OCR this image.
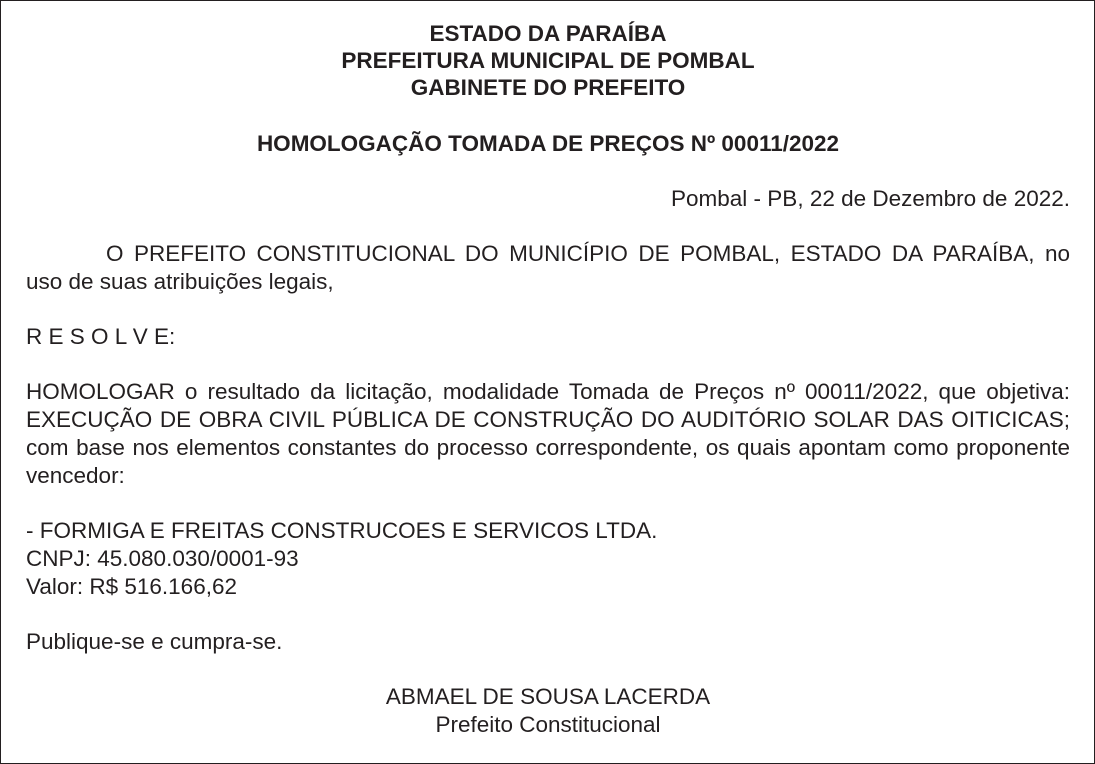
ESTADO DA PARAÍBA
PREFEITURA MUNICIPAL DE POMBAL
GABINETE DO PREFEITO
HOMOLOGAÇÃO TOMADA DE PREÇOS Nº 00011/2022
Pombal - PB, 22 de Dezembro de 2022.

O PREFEITO CONSTITUCIONAL DO MUNICÍPIO DE POMBAL, ESTADO DA PARAÍBA, no uso de suas atribuições legais,

R E S O L V E:

HOMOLOGAR o resultado da licitação, modalidade Tomada de Preços nº 00011/2022, que objetiva: EXECUÇÃO DE OBRA CIVIL PÚBLICA DE CONSTRUÇÃO DO AUDITÓRIO SOLAR DAS OITICICAS; com base nos elementos constantes do processo correspondente, os quais apontam como proponente vencedor:

- FORMIGA E FREITAS CONSTRUCOES E SERVICOS LTDA.
CNPJ: 45.080.030/0001-93
Valor: R$ 516.166,62

Publique-se e cumpra-se.

ABMAEL DE SOUSA LACERDA
Prefeito Constitucional
